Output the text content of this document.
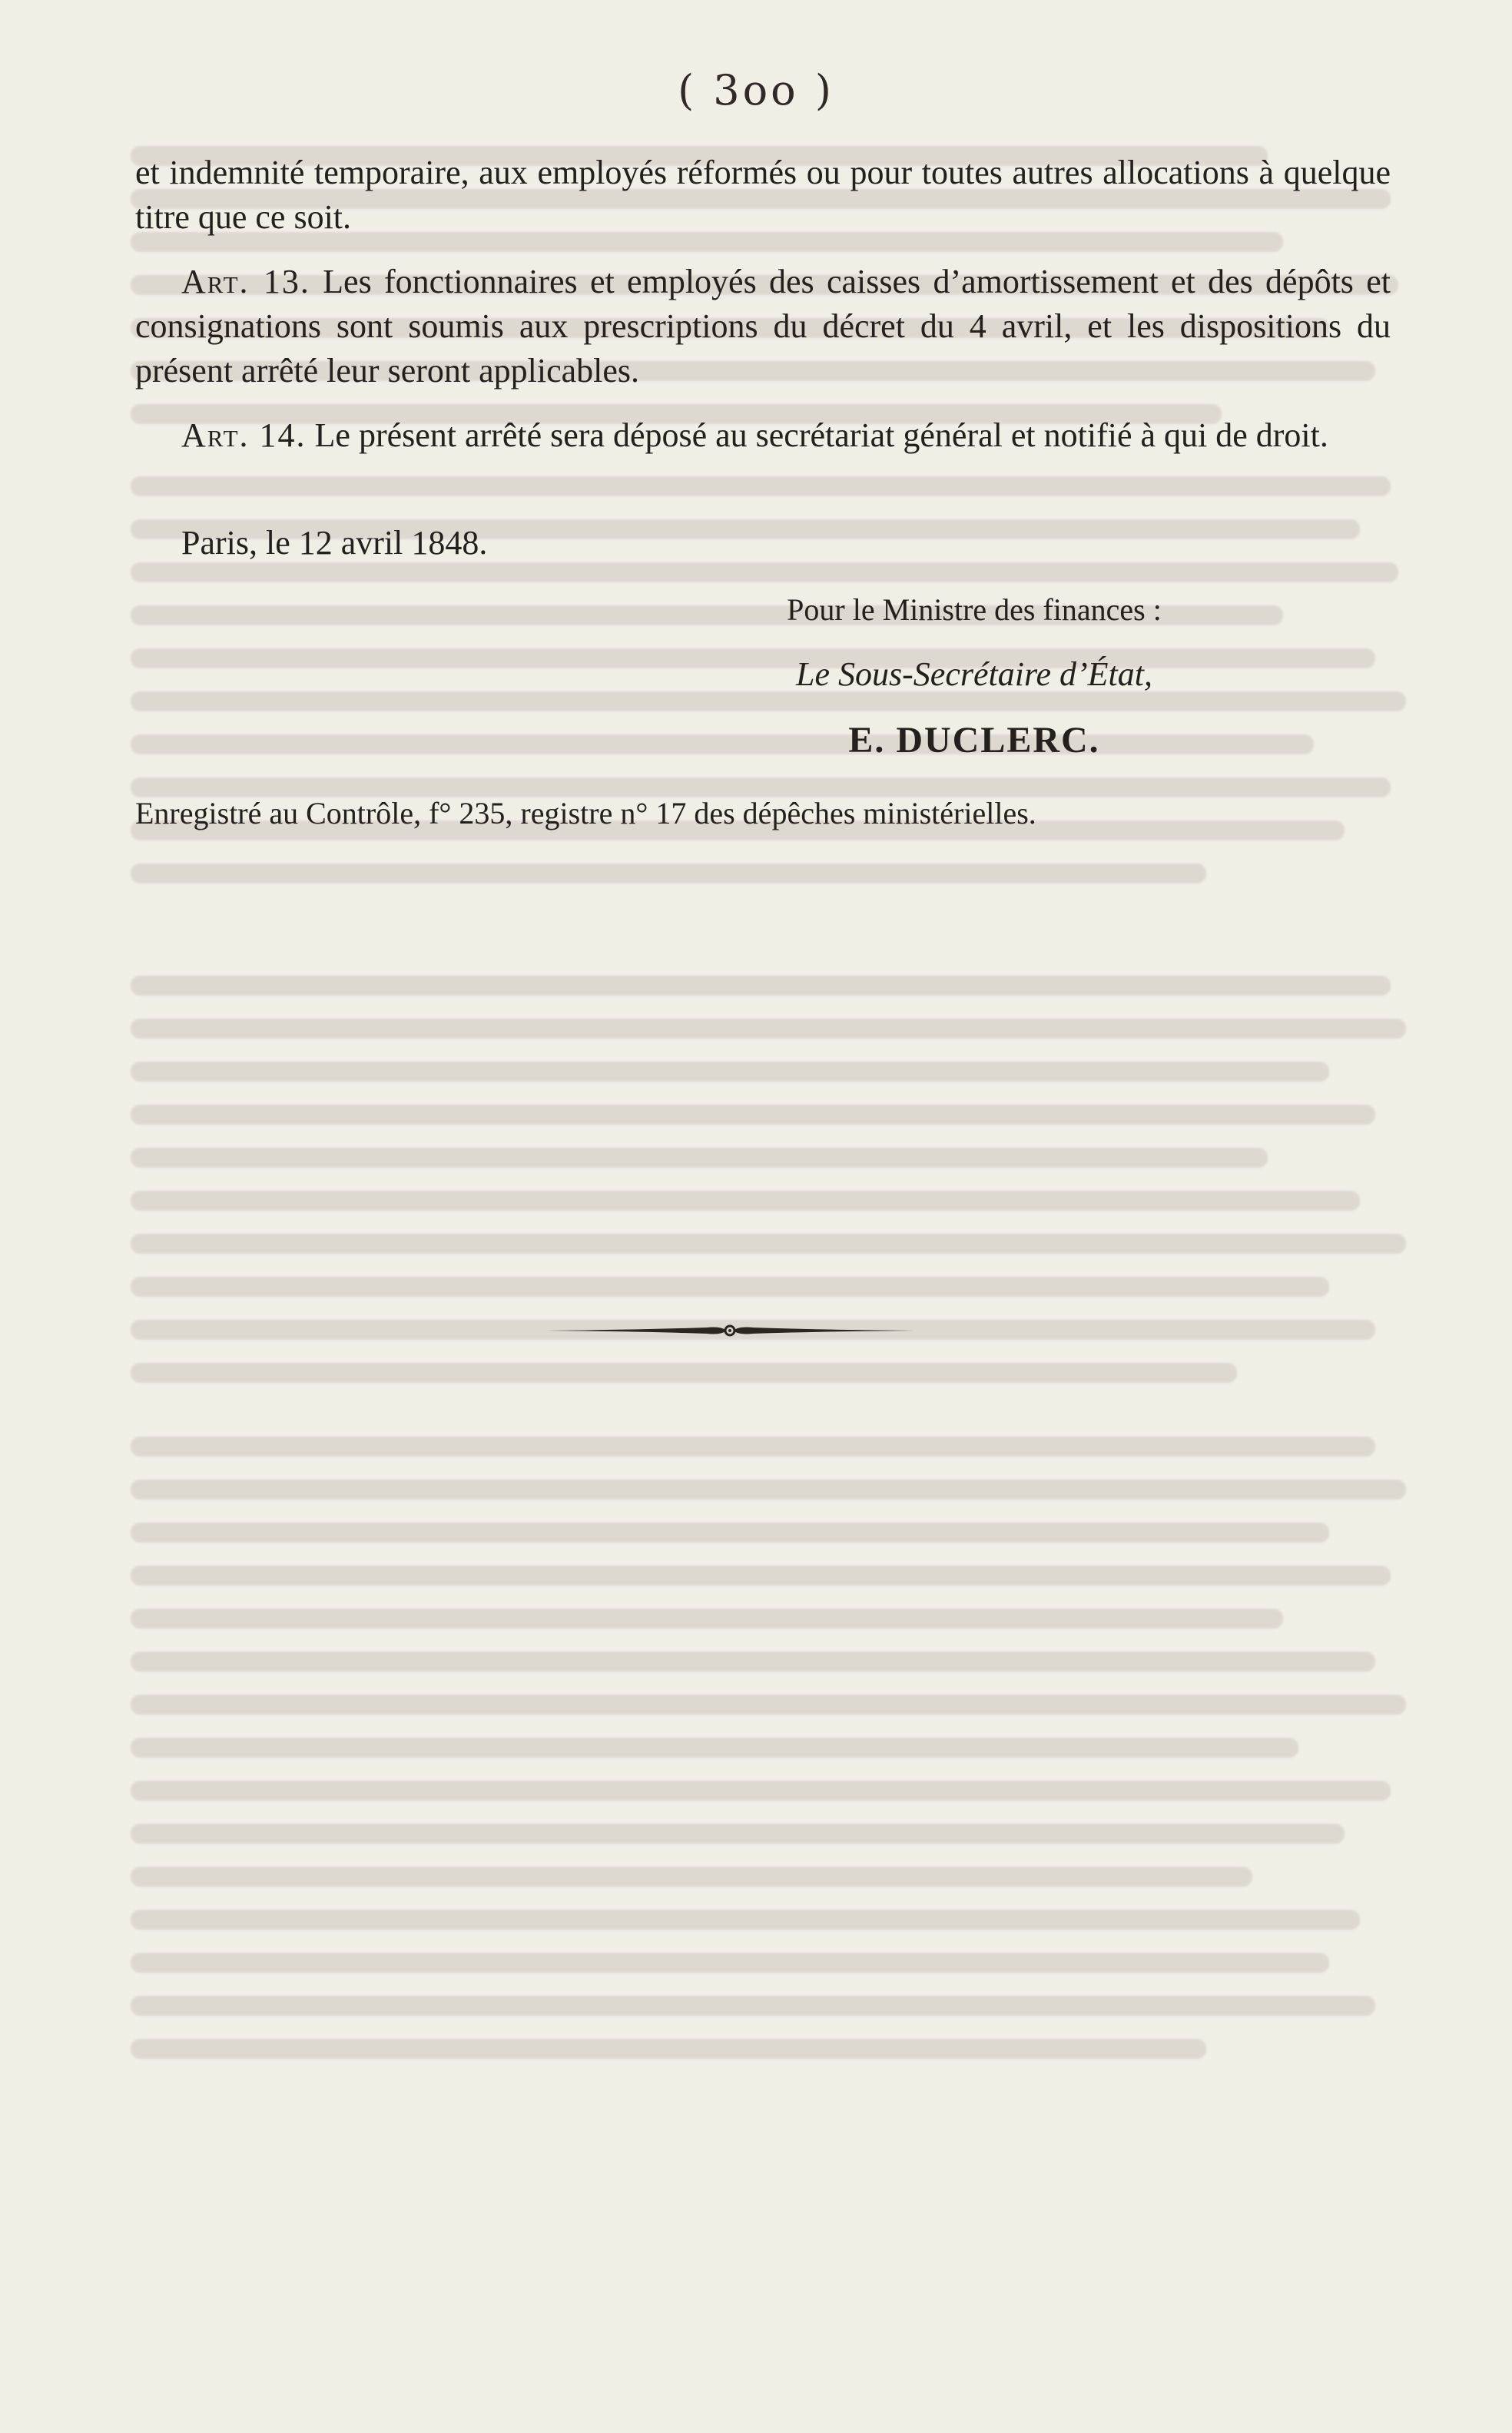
( 3oo )

et indemnité temporaire, aux employés réformés ou pour toutes autres allocations à quelque titre que ce soit.

Art. 13. Les fonctionnaires et employés des caisses d’amortissement et des dépôts et consignations sont soumis aux prescriptions du décret du 4 avril, et les dispositions du présent arrêté leur seront applicables.

Art. 14. Le présent arrêté sera déposé au secrétariat général et notifié à qui de droit.

Paris, le 12 avril 1848.

Pour le Ministre des finances :
Le Sous-Secrétaire d’État,
E. DUCLERC.
Enregistré au Contrôle, f° 235, registre n° 17 des dépêches ministérielles.
